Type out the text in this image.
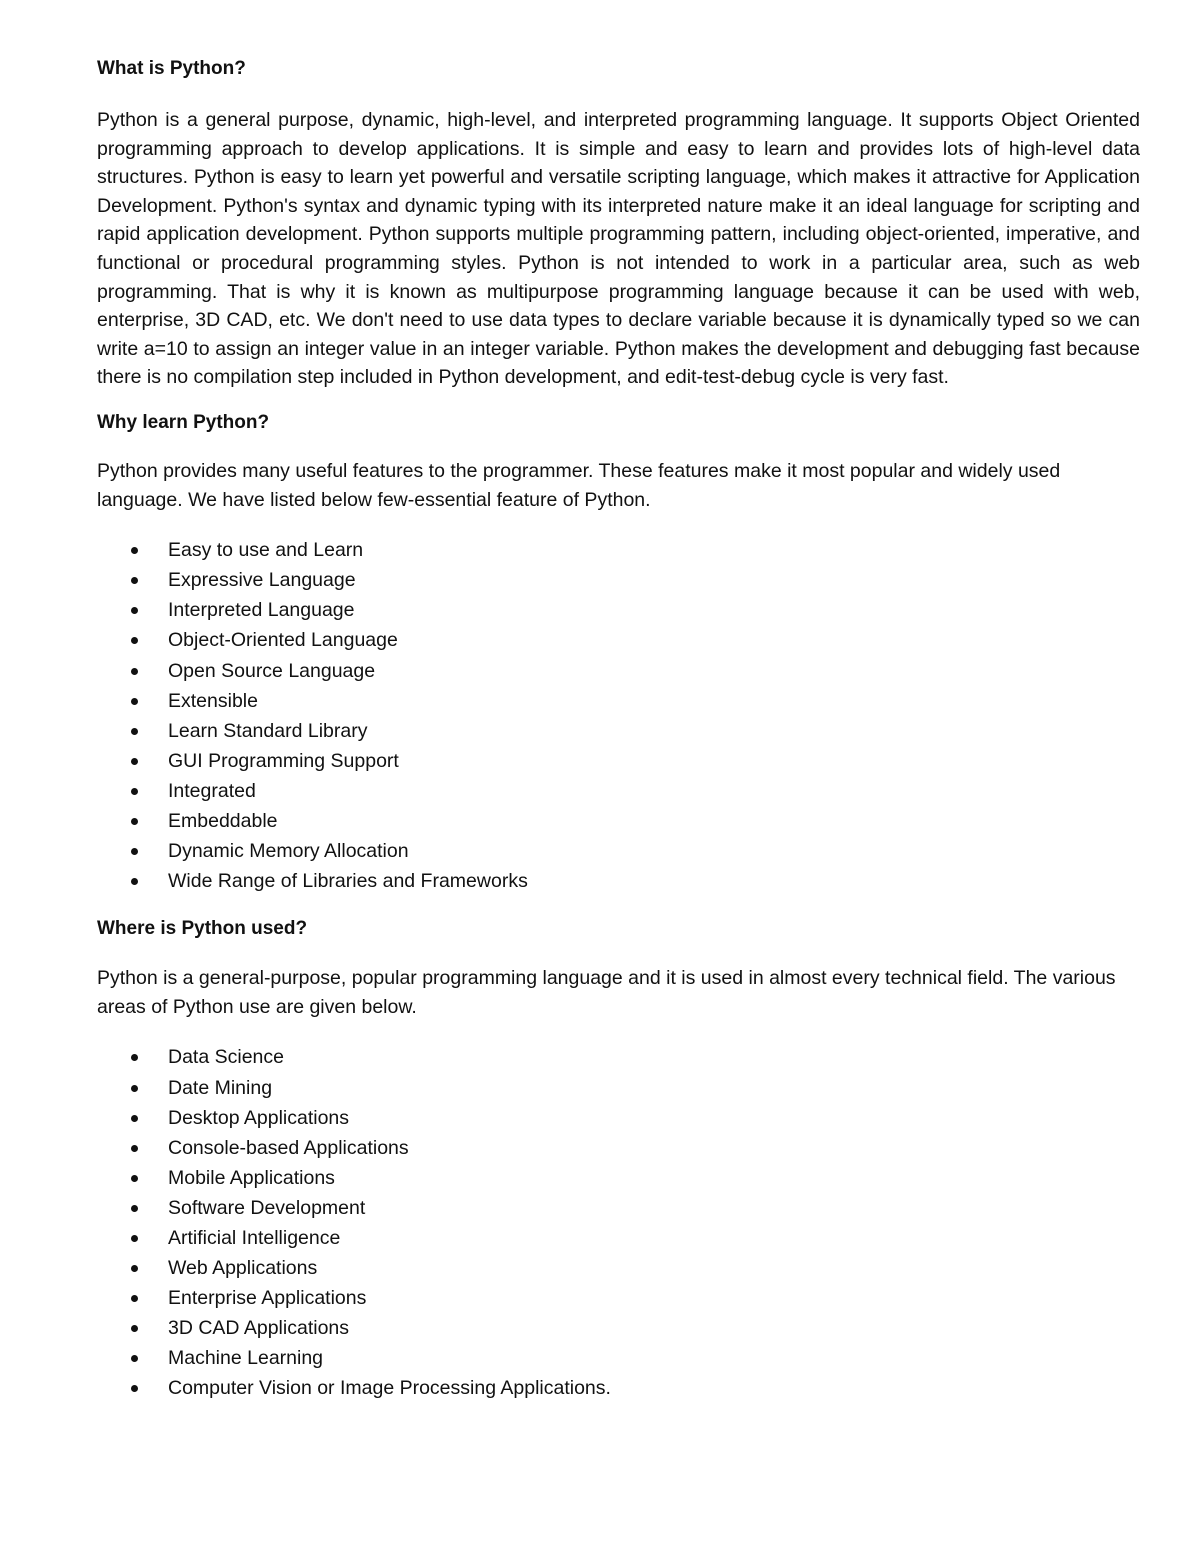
What is Python?

Python is a general purpose, dynamic, high-level, and interpreted programming language. It supports Object Oriented programming approach to develop applications. It is simple and easy to learn and provides lots of high-level data structures. Python is easy to learn yet powerful and versatile scripting language, which makes it attractive for Application Development. Python's syntax and dynamic typing with its interpreted nature make it an ideal language for scripting and rapid application development. Python supports multiple programming pattern, including object-oriented, imperative, and functional or procedural programming styles. Python is not intended to work in a particular area, such as web programming. That is why it is known as multipurpose programming language because it can be used with web, enterprise, 3D CAD, etc. We don't need to use data types to declare variable because it is dynamically typed so we can write a=10 to assign an integer value in an integer variable. Python makes the development and debugging fast because there is no compilation step included in Python development, and edit-test-debug cycle is very fast.

Why learn Python?

Python provides many useful features to the programmer. These features make it most popular and widely used language. We have listed below few-essential feature of Python.

Easy to use and Learn
Expressive Language
Interpreted Language
Object-Oriented Language
Open Source Language
Extensible
Learn Standard Library
GUI Programming Support
Integrated
Embeddable
Dynamic Memory Allocation
Wide Range of Libraries and Frameworks
Where is Python used?

Python is a general-purpose, popular programming language and it is used in almost every technical field. The various areas of Python use are given below.

Data Science
Date Mining
Desktop Applications
Console-based Applications
Mobile Applications
Software Development
Artificial Intelligence
Web Applications
Enterprise Applications
3D CAD Applications
Machine Learning
Computer Vision or Image Processing Applications.
